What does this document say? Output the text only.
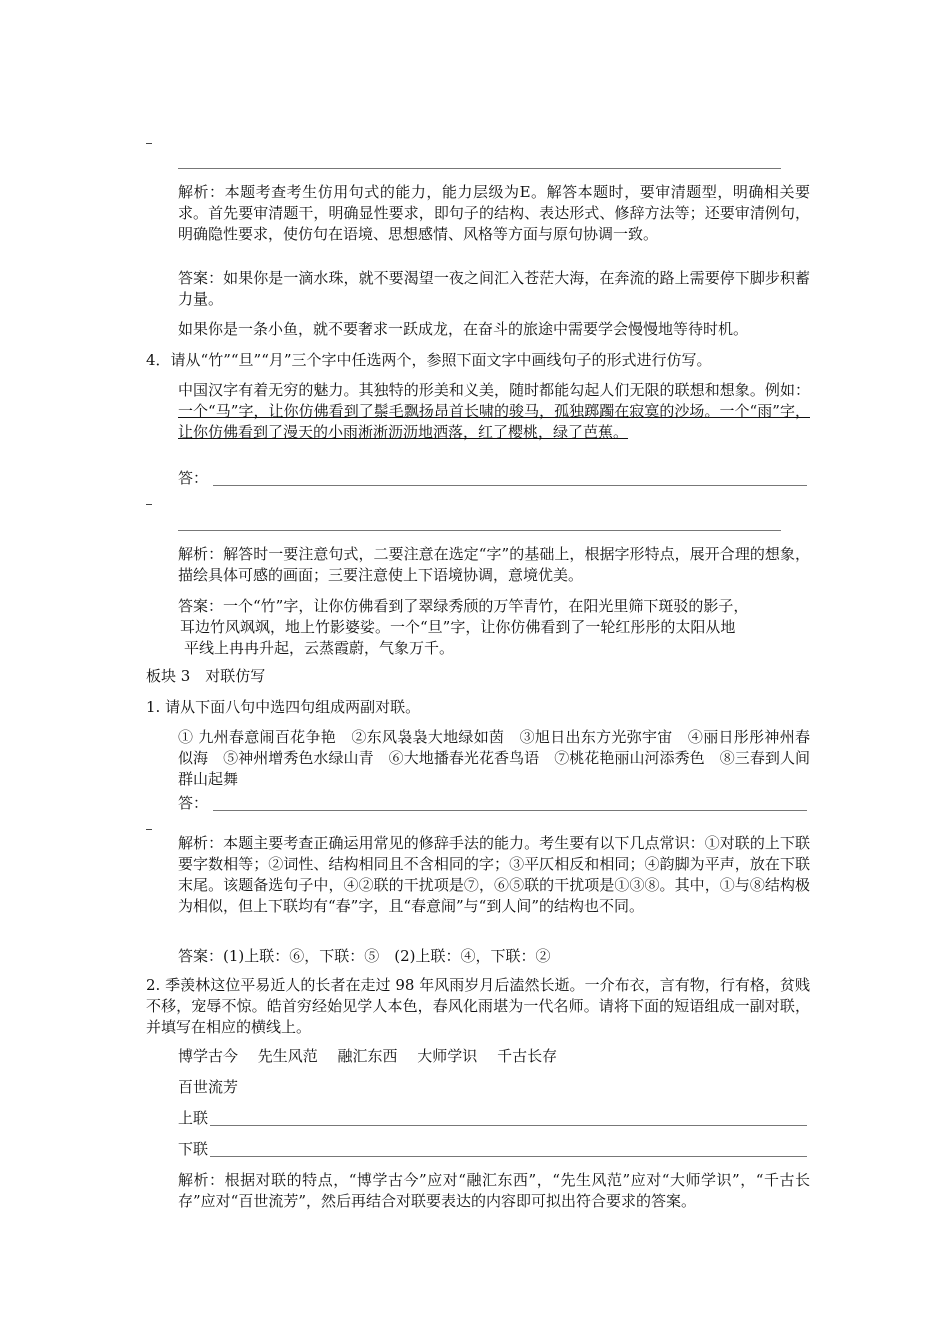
解析：本题考查考生仿用句式的能力，能力层级为E。解答本题时，要审清题型，明确相关要求。首先要审清题干，明确显性要求，即句子的结构、表达形式、修辞方法等；还要审清例句，明确隐性要求，使仿句在语境、思想感情、风格等方面与原句协调一致。
答案：如果你是一滴水珠，就不要渴望一夜之间汇入苍茫大海，在奔流的路上需要停下脚步积蓄力量。
如果你是一条小鱼，就不要奢求一跃成龙，在奋斗的旅途中需要学会慢慢地等待时机。
4．请从“竹”“旦”“月”三个字中任选两个，参照下面文字中画线句子的形式进行仿写。
中国汉字有着无穷的魅力。其独特的形美和义美，随时都能勾起人们无限的联想和想象。例如：一个“马”字，让你仿佛看到了鬃毛飘扬昂首长啸的骏马，孤独踯躅在寂寞的沙场。一个“雨”字，让你仿佛看到了漫天的小雨淅淅沥沥地洒落，红了樱桃，绿了芭蕉。
答：
解析：解答时一要注意句式，二要注意在选定“字”的基础上，根据字形特点，展开合理的想象，描绘具体可感的画面；三要注意使上下语境协调，意境优美。
答案：一个“竹”字，让你仿佛看到了翠绿秀颀的万竿青竹，在阳光里筛下斑驳的影子，
耳边竹风飒飒，地上竹影婆娑。一个“旦”字，让你仿佛看到了一轮红彤彤的太阳从地
平线上冉冉升起，云蒸霞蔚，气象万千。
板块 3　对联仿写
1. 请从下面八句中选四句组成两副对联。
① 九州春意闹百花争艳　②东风袅袅大地绿如茵　③旭日出东方光弥宇宙　④丽日彤彤神州春似海　⑤神州增秀色水绿山青　⑥大地播春光花香鸟语　⑦桃花艳丽山河添秀色　⑧三春到人间群山起舞
答：
解析：本题主要考查正确运用常见的修辞手法的能力。考生要有以下几点常识：①对联的上下联要字数相等；②词性、结构相同且不含相同的字；③平仄相反和相同；④韵脚为平声，放在下联末尾。该题备选句子中，④②联的干扰项是⑦，⑥⑤联的干扰项是①③⑧。其中，①与⑧结构极为相似，但上下联均有“春”字，且“春意闹”与“到人间”的结构也不同。
答案：(1)上联：⑥，下联：⑤　(2)上联：④，下联：②
2. 季羡林这位平易近人的长者在走过 98 年风雨岁月后溘然长逝。一介布衣，言有物，行有格，贫贱不移，宠辱不惊。皓首穷经始见学人本色，春风化雨堪为一代名师。请将下面的短语组成一副对联，并填写在相应的横线上。
博学古今　 先生风范　 融汇东西　 大师学识　 千古长存
百世流芳
上联
下联
解析：根据对联的特点，“博学古今”应对“融汇东西”，“先生风范”应对“大师学识”，“千古长存”应对“百世流芳”，然后再结合对联要表达的内容即可拟出符合要求的答案。
